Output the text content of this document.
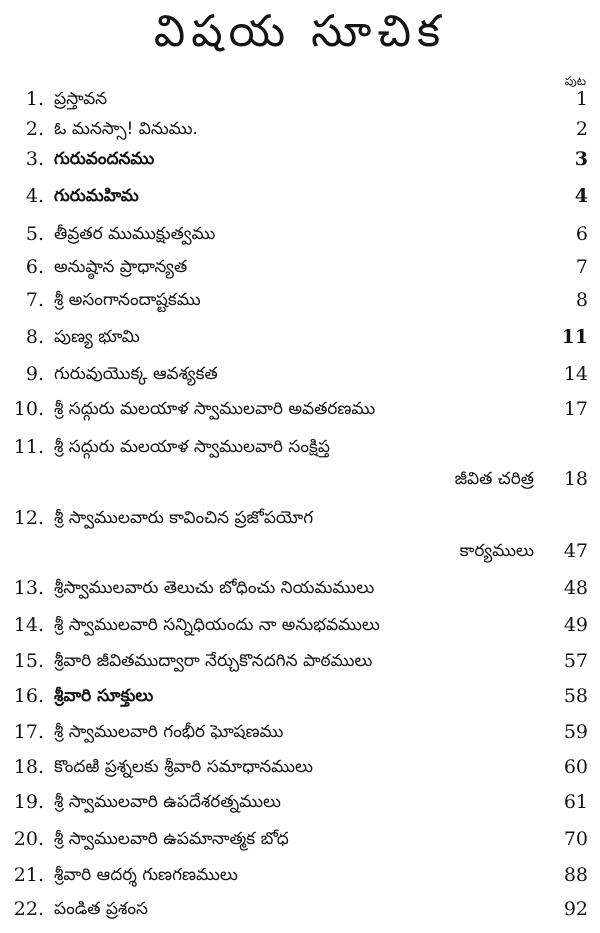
విషయ సూచిక
పుట
1. ప్రస్తావన	1
2. ఓ మనస్సా! వినుము.	2
3. గురువందనము	3
4. గురుమహిమ	4
5. తీవ్రతర ముముక్షుత్వము	6
6. అనుష్ఠాన ప్రాధాన్యత	7
7. శ్రీ అసంగానందాష్టకము	8
8. పుణ్య భూమి	11
9. గురువుయొక్క ఆవశ్యకత	14
10. శ్రీ సద్గురు మలయాళ స్వాములవారి అవతరణము	17
11. శ్రీ సద్గురు మలయాళ స్వాములవారి సంక్షిప్త
జీవిత చరిత్ర	18
12. శ్రీ స్వాములవారు కావించిన ప్రజోపయోగ
కార్యములు	47
13. శ్రీస్వాములవారు తెలుచు బోధించు నియమములు	48
14. శ్రీ స్వాములవారి సన్నిధియందు నా అనుభవములు	49
15. శ్రీవారి జీవితముద్వారా నేర్చుకొనదగిన పాఠములు	57
16. శ్రీవారి సూక్తులు	58
17. శ్రీ స్వాములవారి గంభీర ఘోషణము	59
18. కొందఱి ప్రశ్నలకు శ్రీవారి సమాధానములు	60
19. శ్రీ స్వాములవారి ఉపదేశరత్నములు	61
20. శ్రీ స్వాములవారి ఉపమానాత్మక బోధ	70
21. శ్రీవారి ఆదర్శ గుణగణములు	88
22. పండిత ప్రశంస	92
